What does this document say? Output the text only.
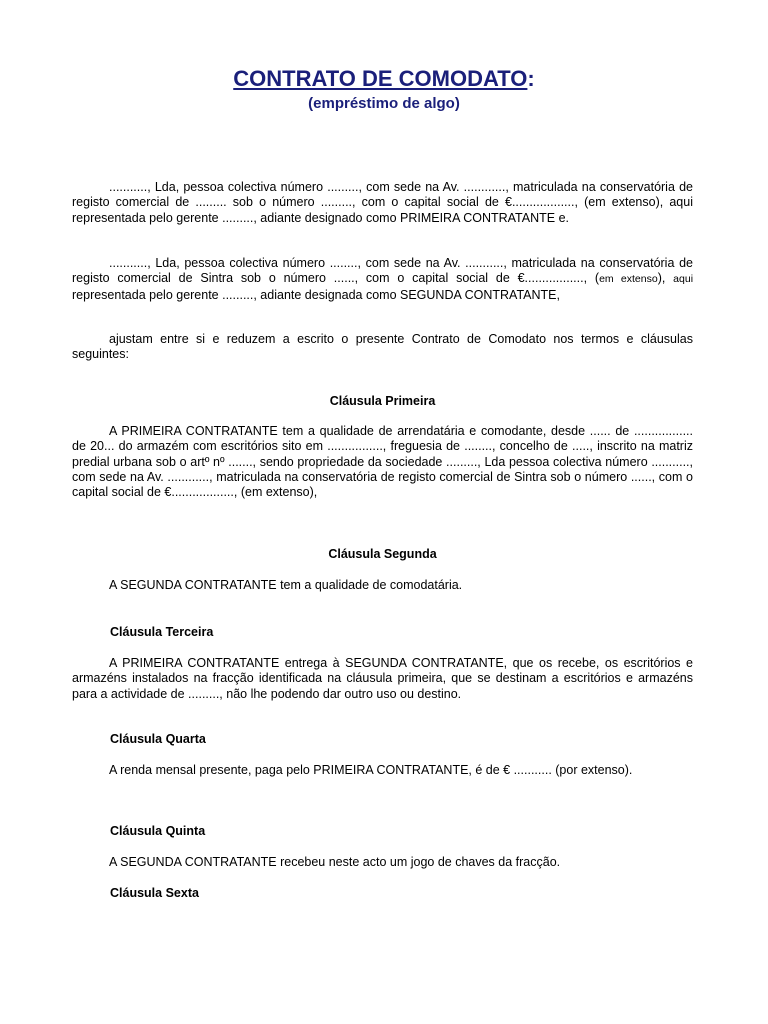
CONTRATO DE COMODATO:
(empréstimo de algo)
..........., Lda, pessoa colectiva número ........., com sede na Av. ............, matriculada na conservatória de registo comercial de ......... sob o número ........., com o capital social de €.................., (em extenso), aqui representada pelo gerente ........., adiante designado como PRIMEIRA CONTRATANTE e.
..........., Lda, pessoa colectiva número ........, com sede na Av. ..........., matriculada na conservatória de registo comercial de Sintra sob o número ......, com o capital social de €................., (em extenso), aqui representada pelo gerente ........., adiante designada como SEGUNDA CONTRATANTE,
ajustam entre si e reduzem a escrito o presente Contrato de Comodato nos termos e cláusulas seguintes:
Cláusula Primeira
A PRIMEIRA CONTRATANTE tem a qualidade de arrendatária e comodante, desde ...... de ................. de 20... do armazém com escritórios sito em ................, freguesia de ........, concelho de ....., inscrito na matriz predial urbana sob o artº nº ......., sendo propriedade da sociedade ........., Lda pessoa colectiva número ..........., com sede na Av. ............, matriculada na conservatória de registo comercial de Sintra sob o número ......, com o capital social de €.................., (em extenso),
Cláusula Segunda
A SEGUNDA CONTRATANTE tem a qualidade de comodatária.
Cláusula Terceira
A PRIMEIRA CONTRATANTE entrega à SEGUNDA CONTRATANTE, que os recebe, os escritórios e armazéns instalados na fracção identificada na cláusula primeira, que se destinam a escritórios e armazéns para a actividade de ........., não lhe podendo dar outro uso ou destino.
Cláusula Quarta
A renda mensal presente, paga pelo PRIMEIRA CONTRATANTE, é de € ........... (por extenso).
Cláusula Quinta
A SEGUNDA CONTRATANTE recebeu neste acto um jogo de chaves da fracção.
Cláusula Sexta
